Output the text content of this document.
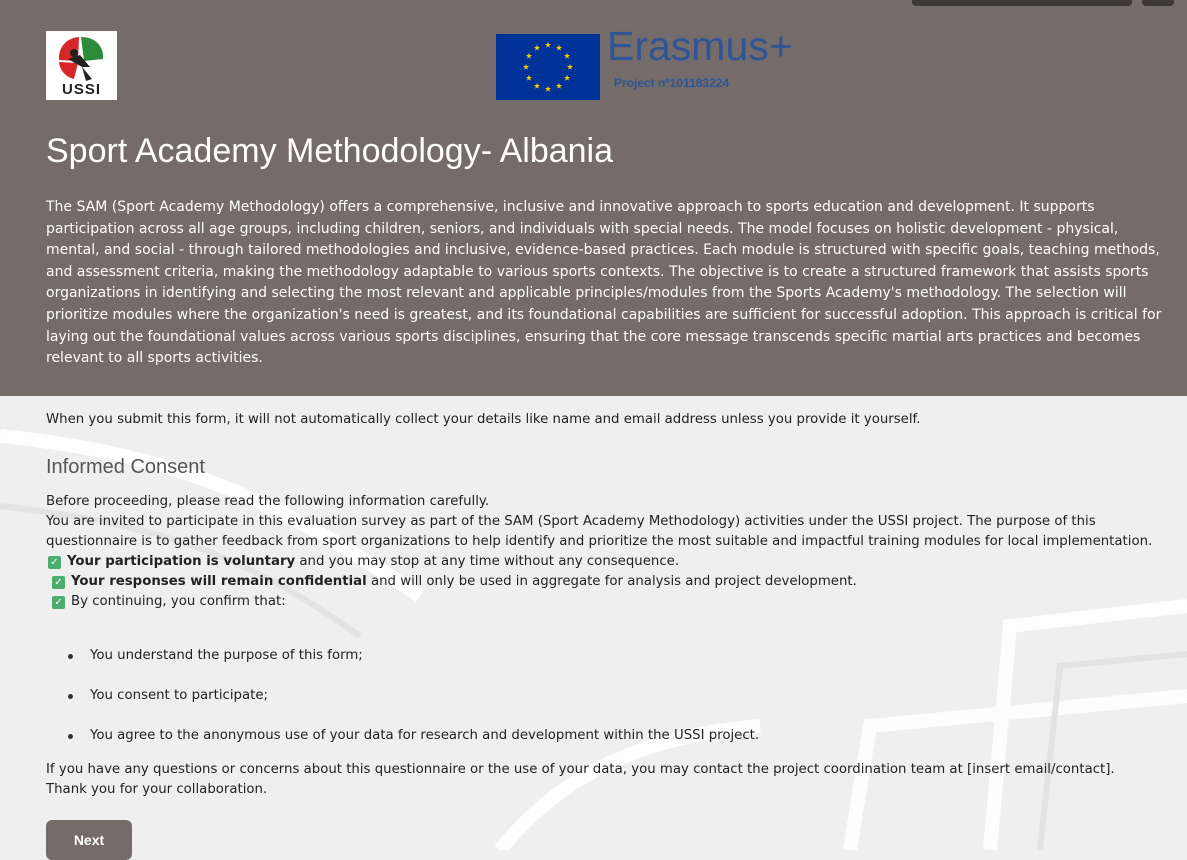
USSI
Erasmus+
Project nº101183224
Sport Academy Methodology- Albania

The SAM (Sport Academy Methodology) offers a comprehensive, inclusive and innovative approach to sports education and development. It supports participation across all age groups, including children, seniors, and individuals with special needs. The model focuses on holistic development - physical, mental, and social - through tailored methodologies and inclusive, evidence-based practices. Each module is structured with specific goals, teaching methods, and assessment criteria, making the methodology adaptable to various sports contexts. The objective is to create a structured framework that assists sports organizations in identifying and selecting the most relevant and applicable principles/modules from the Sports Academy's methodology. The selection will prioritize modules where the organization's need is greatest, and its foundational capabilities are sufficient for successful adoption. This approach is critical for laying out the foundational values across various sports disciplines, ensuring that the core message transcends specific martial arts practices and becomes relevant to all sports activities.

When you submit this form, it will not automatically collect your details like name and email address unless you provide it yourself.
Informed Consent

Before proceeding, please read the following information carefully.

You are invited to participate in this evaluation survey as part of the SAM (Sport Academy Methodology) activities under the USSI project. The purpose of this questionnaire is to gather feedback from sport organizations to help identify and prioritize the most suitable and impactful training modules for local implementation.

✓ Your participation is voluntary and you may stop at any time without any consequence.
✓ Your responses will remain confidential and will only be used in aggregate for analysis and project development.
✓ By continuing, you confirm that:
You understand the purpose of this form;
You consent to participate;
You agree to the anonymous use of your data for research and development within the USSI project.

If you have any questions or concerns about this questionnaire or the use of your data, you may contact the project coordination team at [insert email/contact].

Thank you for your collaboration.

Next
